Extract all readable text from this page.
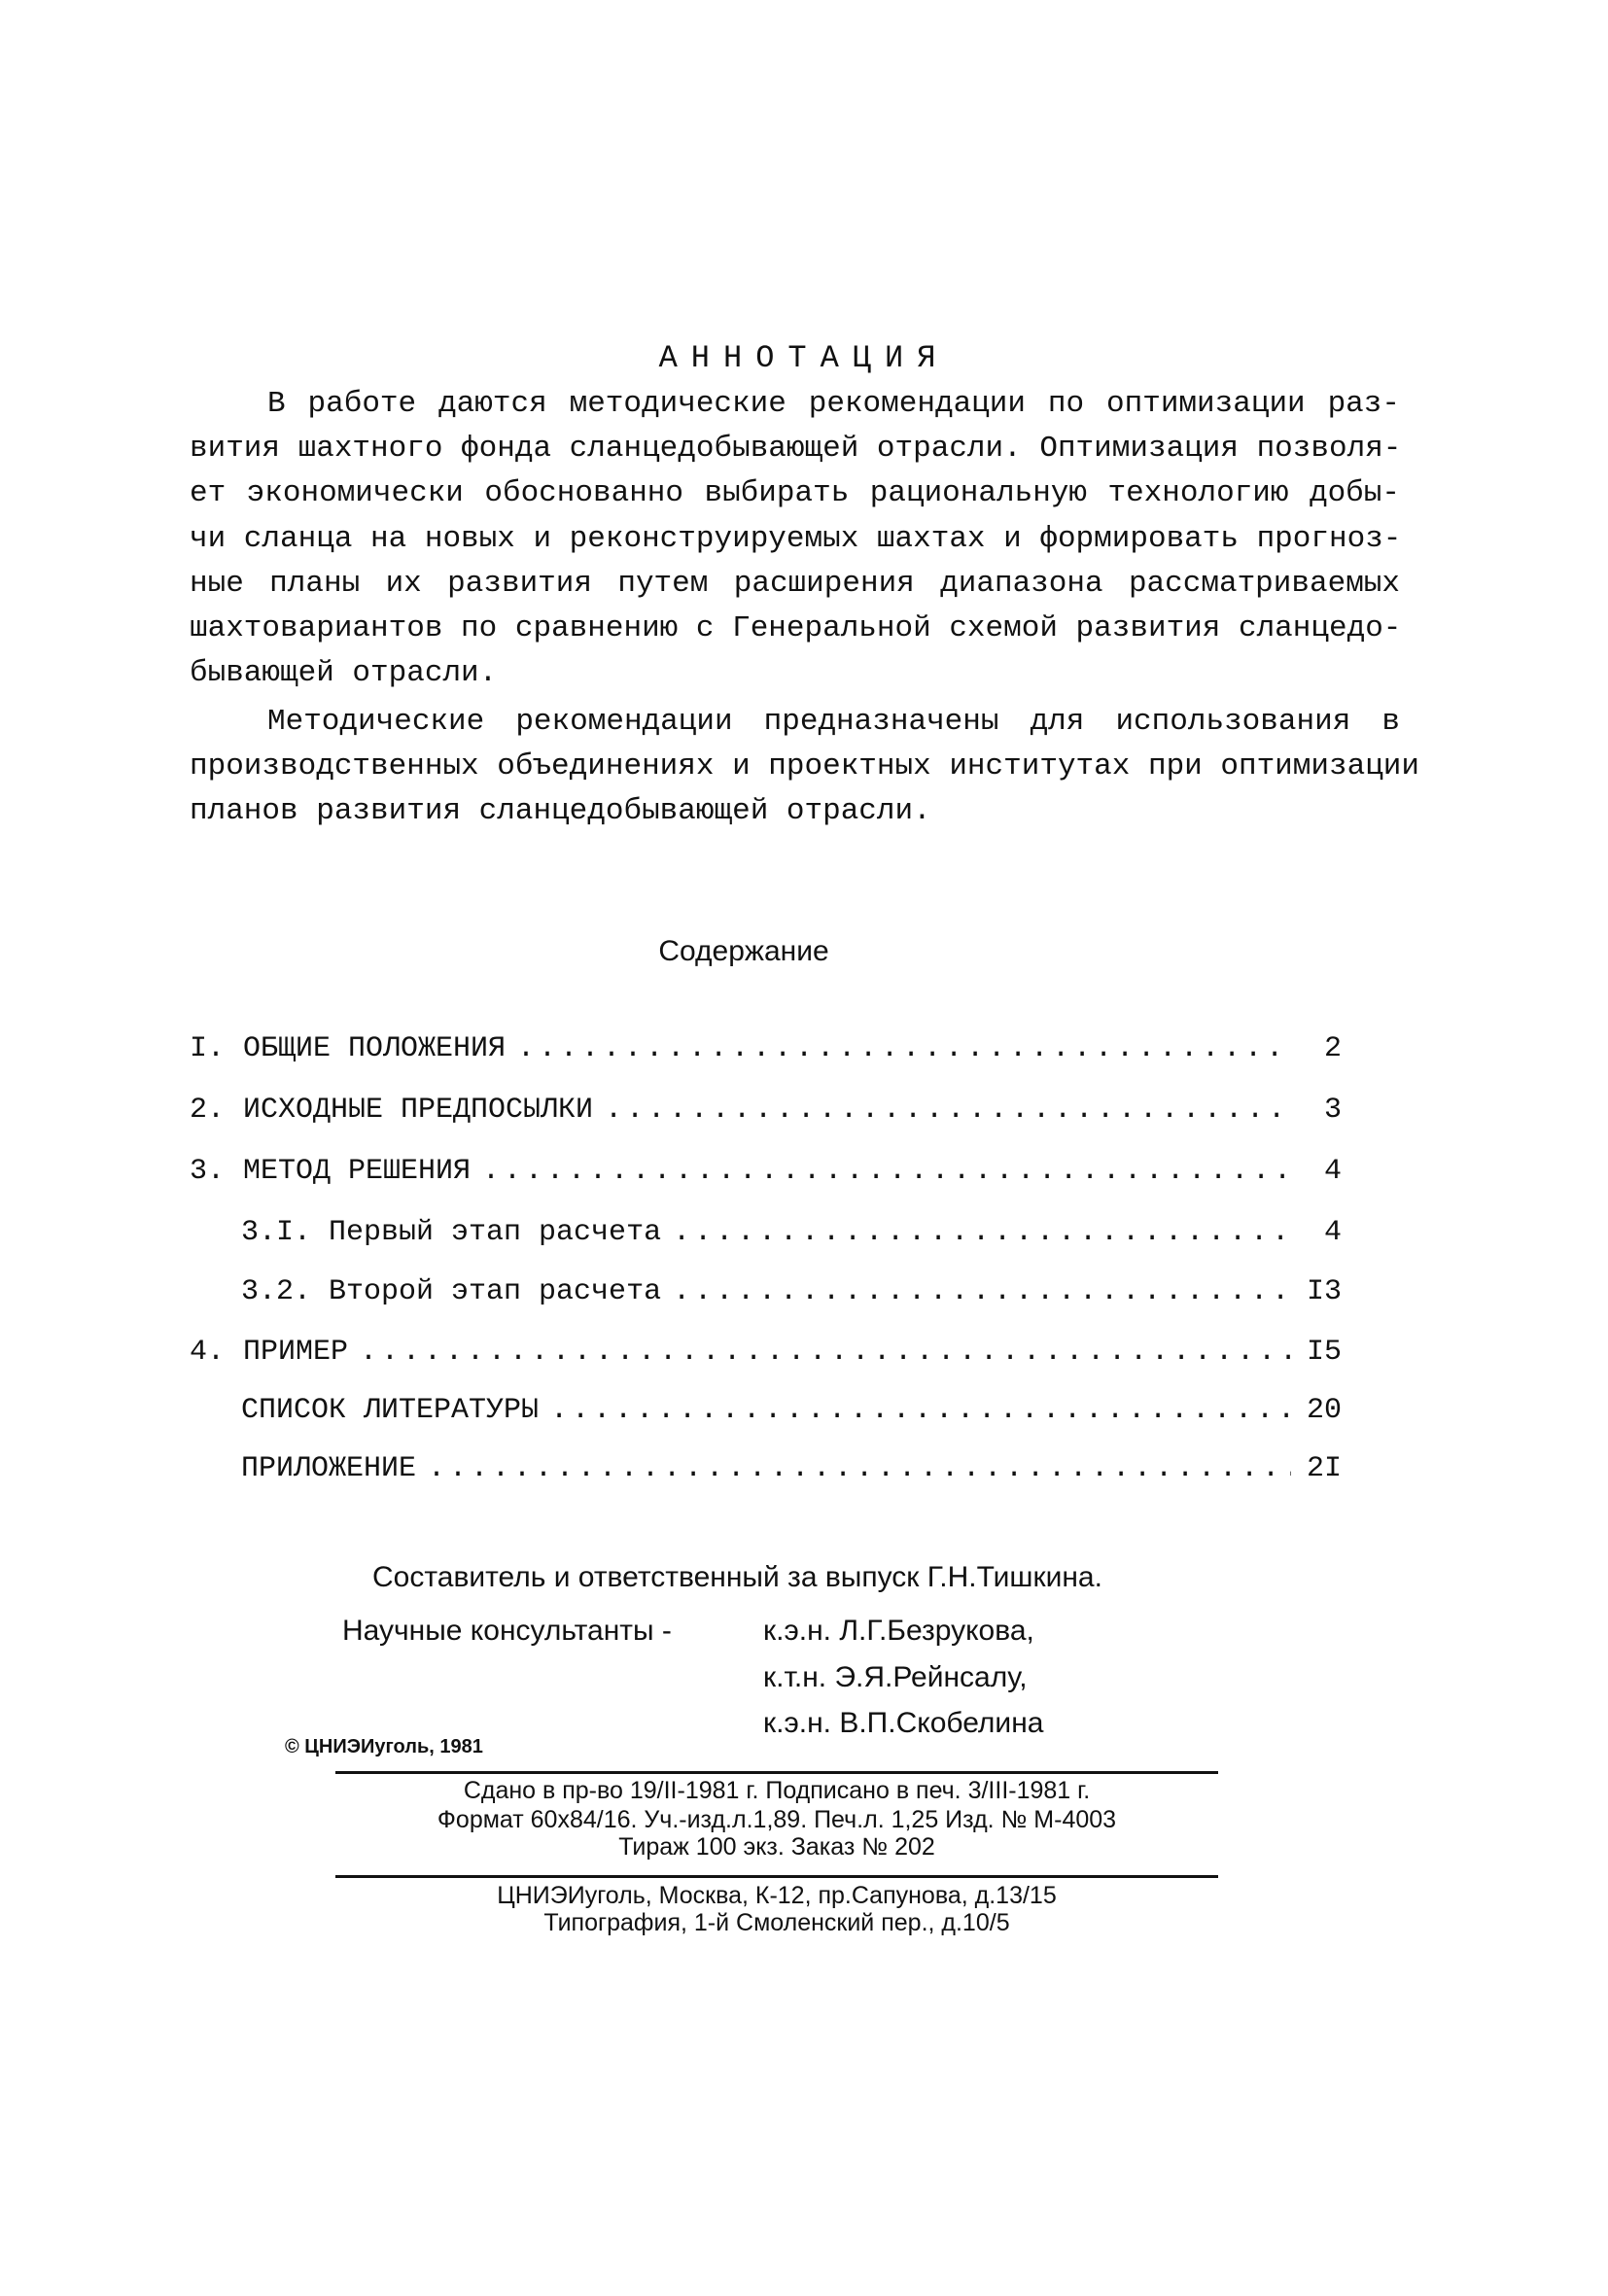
АННОТАЦИЯ
В работе даются методические рекомендации по оптимизации раз-
вития шахтного фонда сланцедобывающей отрасли. Оптимизация позволя-
ет экономически обоснованно выбирать рациональную технологию добы-
чи сланца на новых и реконструируемых шахтах и формировать прогноз-
ные планы их развития путем расширения диапазона рассматриваемых
шахтовариантов по сравнению с Генеральной схемой развития сланцедо-
бывающей отрасли.
Методические рекомендации предназначены для использования в
производственных объединениях и проектных институтах при оптимизации
планов развития сланцедобывающей отрасли.
Содержание
I. ОБЩИЕ ПОЛОЖЕНИЯ .....	2
2. ИСХОДНЫЕ ПРЕДПОСЫЛКИ .....	3
3. МЕТОД РЕШЕНИЯ .....	4
3.I. Первый этап расчета .....	4
3.2. Второй этап расчета .....	I3
4. ПРИМЕР .....	I5
СПИСОК ЛИТЕРАТУРЫ .....	20
ПРИЛОЖЕНИЕ .....	2I
Составитель и ответственный за выпуск Г.Н.Тишкина.
Научные консультанты -	к.э.н. Л.Г.Безрукова,
к.т.н. Э.Я.Рейнсалу,
к.э.н. В.П.Скобелина
© ЦНИЭИуголь, 1981
Сдано в пр-во 19/II-1981 г. Подписано в печ. 3/III-1981 г.
Формат 60x84/16. Уч.-изд.л.1,89. Печ.л. 1,25 Изд. № М-4003
Тираж 100 экз. Заказ № 202
ЦНИЭИуголь, Москва, К-12, пр.Сапунова, д.13/15
Типография, 1-й Смоленский пер., д.10/5
